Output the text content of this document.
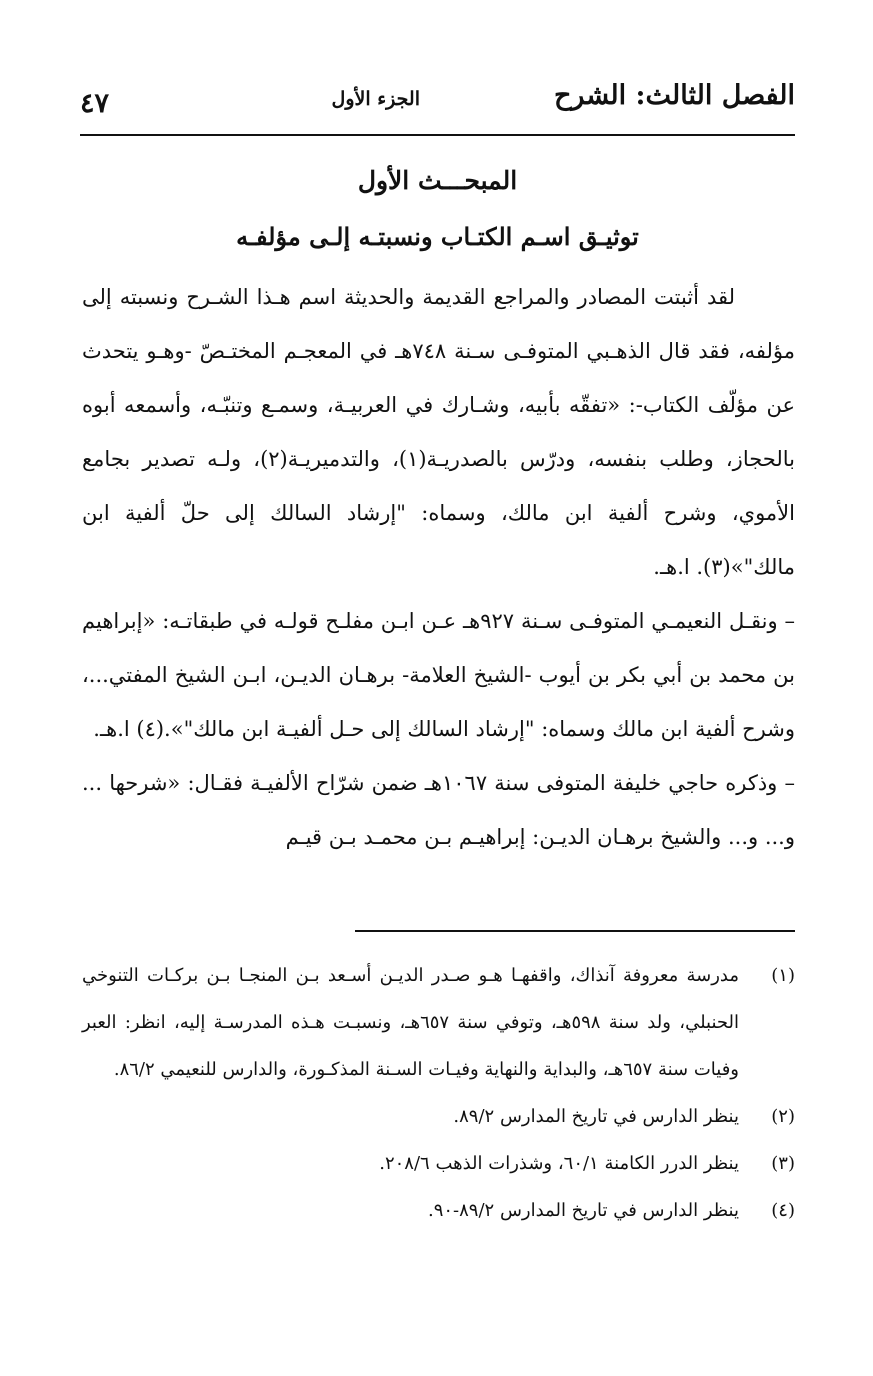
الفصل الثالث: الشرح
الجزء الأول
٤٧
المبحـــث الأول
توثيـق اسـم الكتـاب ونسبتـه إلـى مؤلفـه

لقد أثبتت المصادر والمراجع القديمة والحديثة اسم هـذا الشـرح ونسبته إلى مؤلفه، فقد قال الذهـبي المتوفـى سـنة ٧٤٨هـ في المعجـم المختـصّ -وهـو يتحدث عن مؤلّف الكتاب-: «تفقّه بأبيه، وشـارك في العربيـة، وسمـع وتنبّـه، وأسمعه أبوه بالحجاز، وطلب بنفسه، ودرّس بالصدريـة(١)، والتدميريـة(٢)، ولـه تصدير بجامع الأموي، وشرح ألفية ابن مالك، وسماه: "إرشاد السالك إلى حلّ ألفية ابن مالك"»(٣). ا.هـ.

– ونقـل النعيمـي المتوفـى سـنة ٩٢٧هـ عـن ابـن مفلـح قولـه في طبقاتـه: «إبراهيم بن محمد بن أبي بكر بن أيوب -الشيخ العلامة- برهـان الديـن، ابـن الشيخ المفتي...، وشرح ألفية ابن مالك وسماه: "إرشاد السالك إلى حـل ألفيـة ابن مالك"».(٤) ا.هـ.

– وذكره حاجي خليفة المتوفى سنة ١٠٦٧هـ ضمن شرّاح الألفيـة فقـال: «شرحها ... و... و... والشيخ برهـان الديـن: إبراهيـم بـن محمـد بـن قيـم

(١)
مدرسة معروفة آنذاك، واقفهـا هـو صـدر الديـن أسـعد بـن المنجـا بـن بركـات التنوخي الحنبلي، ولد سنة ٥٩٨هـ، وتوفي سنة ٦٥٧هـ، ونسبـت هـذه المدرسـة إليه، انظر: العبر وفيات سنة ٦٥٧هـ، والبداية والنهاية وفيـات السـنة المذكـورة، والدارس للنعيمي ٨٦/٢.
(٢)
ينظر الدارس في تاريخ المدارس ٨٩/٢.
(٣)
ينظر الدرر الكامنة ٦٠/١، وشذرات الذهب ٢٠٨/٦.
(٤)
ينظر الدارس في تاريخ المدارس ٨٩/٢-٩٠.
